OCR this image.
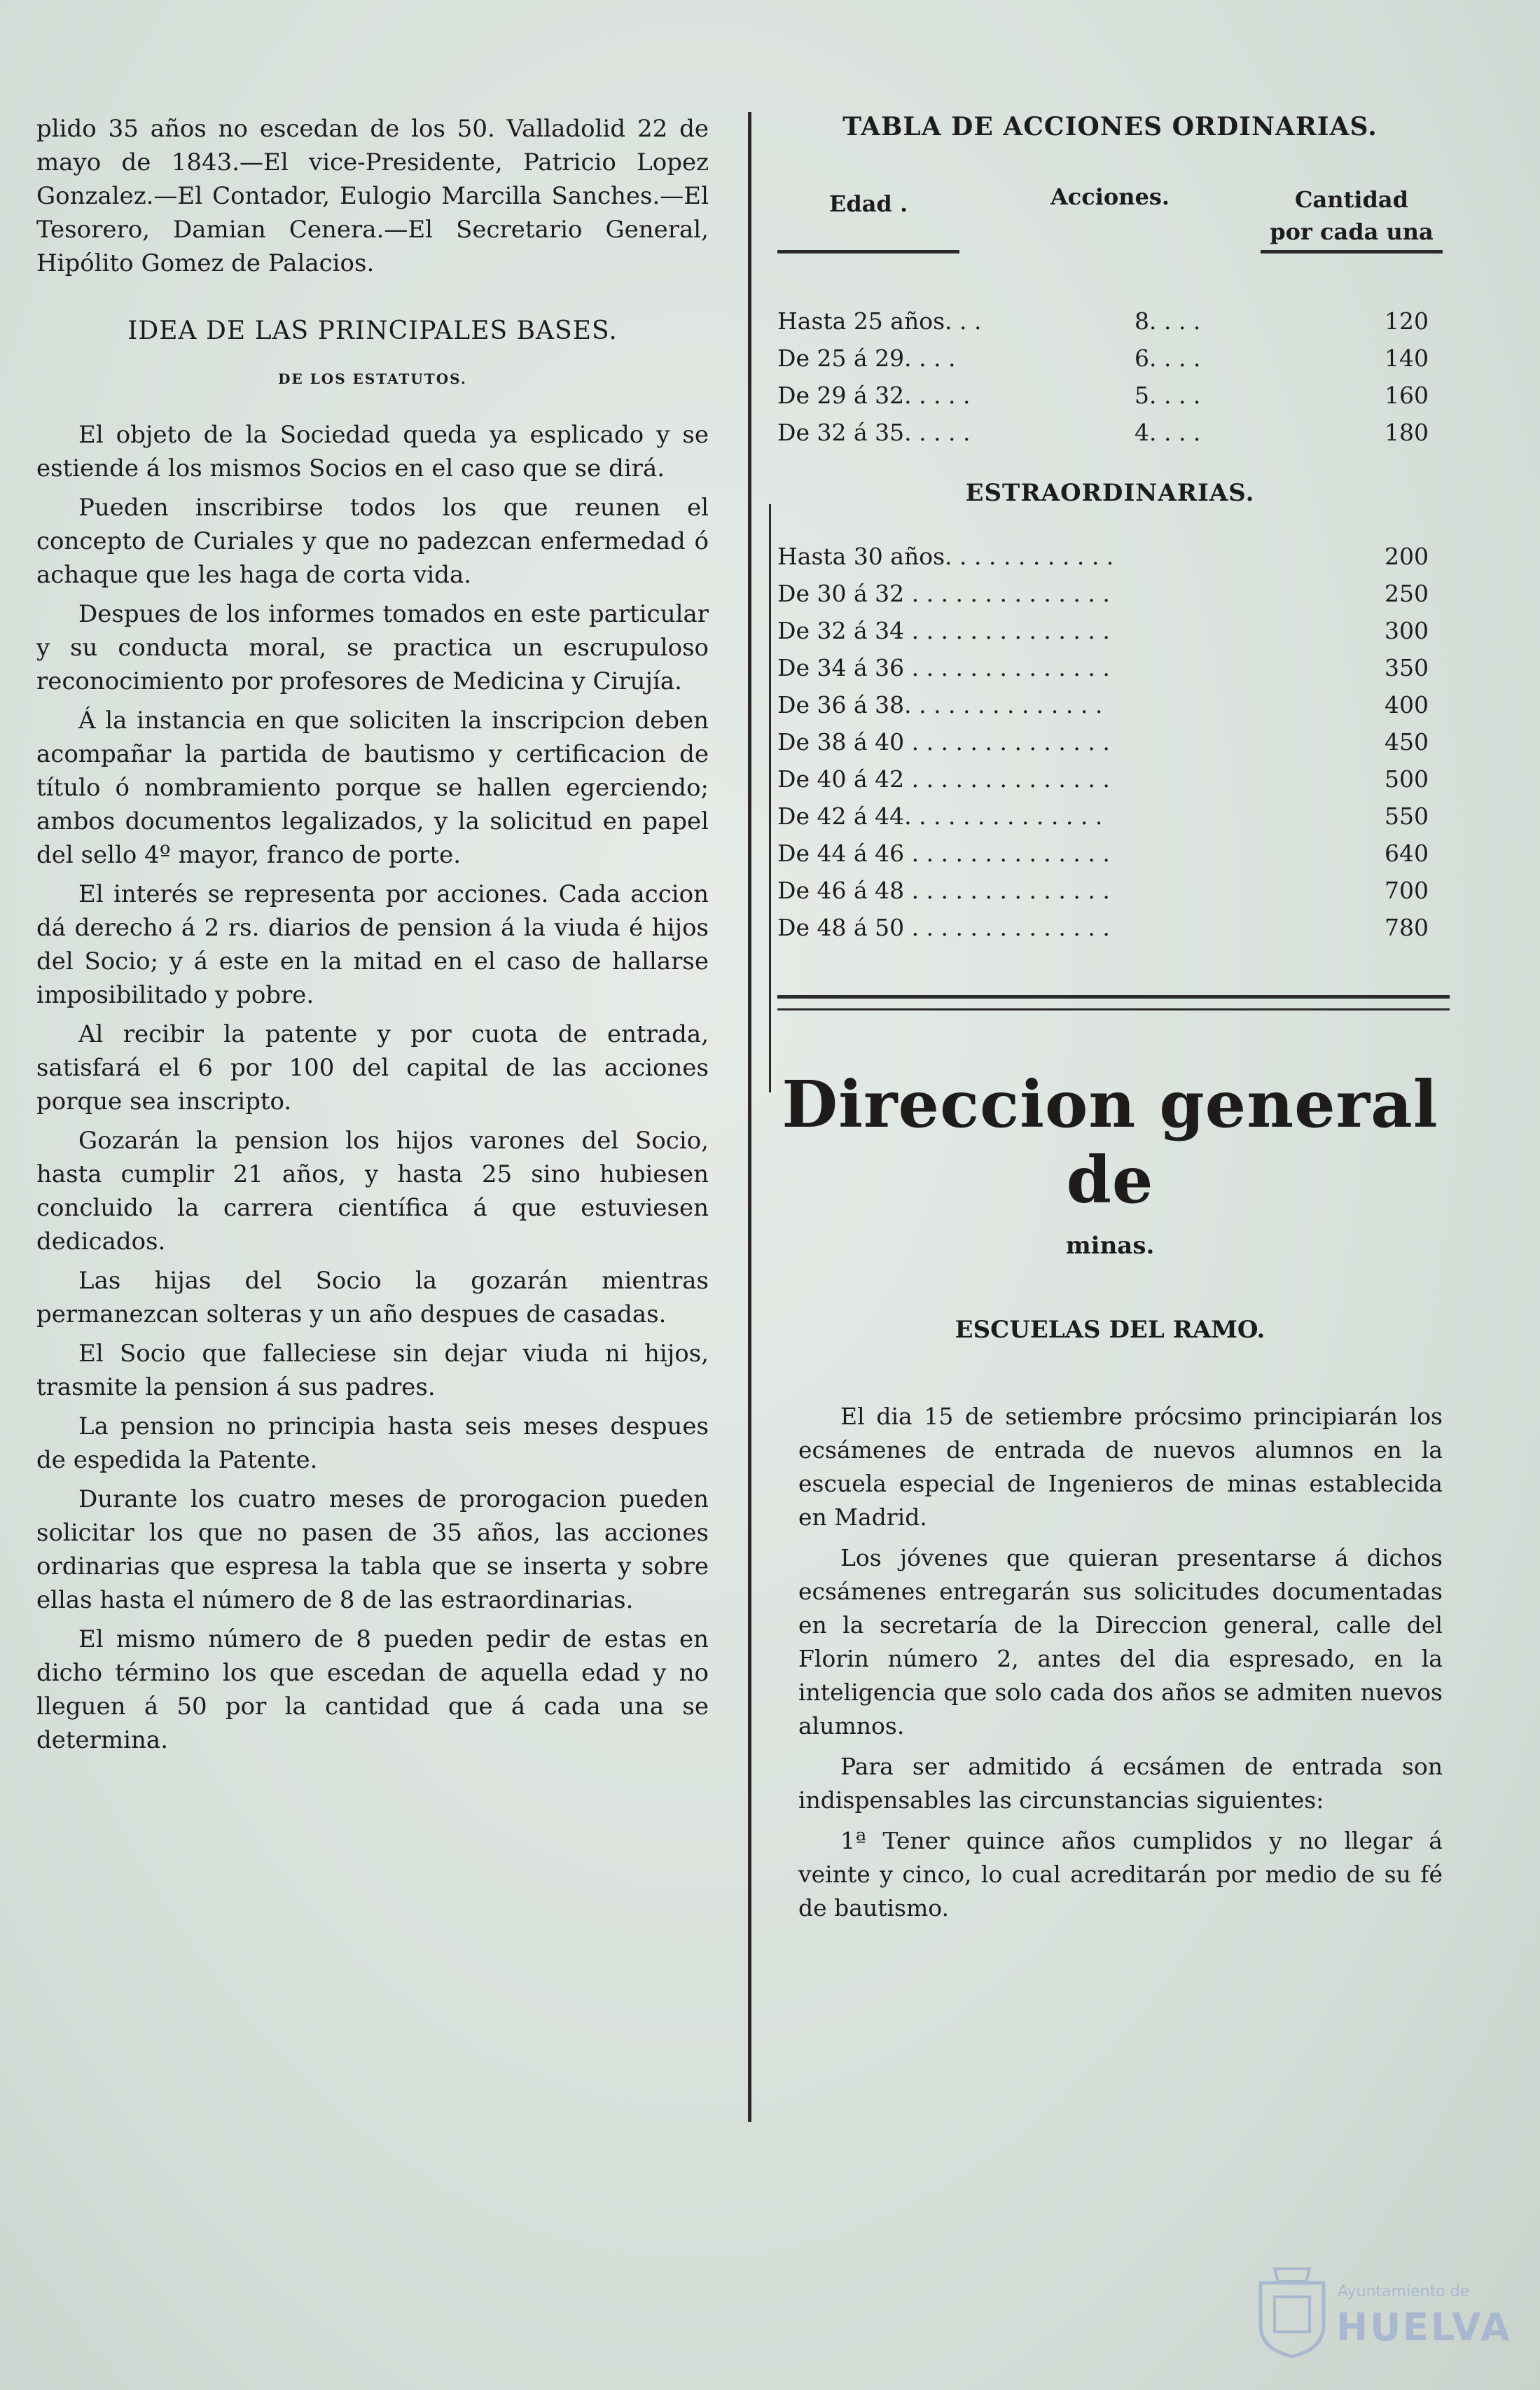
plido 35 años no escedan de los 50. Valladolid 22 de mayo de 1843.—El vice-Presidente, Patricio Lopez Gonzalez.—El Contador, Eulogio Marcilla Sanches.—El Tesorero, Damian Cenera.—El Secretario General, Hipólito Gomez de Palacios.

IDEA DE LAS PRINCIPALES BASES.
DE LOS ESTATUTOS.

El objeto de la Sociedad queda ya esplicado y se estiende á los mismos Socios en el caso que se dirá.

Pueden inscribirse todos los que reunen el concepto de Curiales y que no padezcan enfermedad ó achaque que les haga de corta vida.

Despues de los informes tomados en este particular y su conducta moral, se practica un escrupuloso reconocimiento por profesores de Medicina y Cirujía.

Á la instancia en que soliciten la inscripcion deben acompañar la partida de bautismo y certificacion de título ó nombramiento porque se hallen egerciendo; ambos documentos legalizados, y la solicitud en papel del sello 4º mayor, franco de porte.

El interés se representa por acciones. Cada accion dá derecho á 2 rs. diarios de pension á la viuda é hijos del Socio; y á este en la mitad en el caso de hallarse imposibilitado y pobre.

Al recibir la patente y por cuota de entrada, satisfará el 6 por 100 del capital de las acciones porque sea inscripto.

Gozarán la pension los hijos varones del Socio, hasta cumplir 21 años, y hasta 25 sino hubiesen concluido la carrera científica á que estuviesen dedicados.

Las hijas del Socio la gozarán mientras permanezcan solteras y un año despues de casadas.

El Socio que falleciese sin dejar viuda ni hijos, trasmite la pension á sus padres.

La pension no principia hasta seis meses despues de espedida la Patente.

Durante los cuatro meses de prorogacion pueden solicitar los que no pasen de 35 años, las acciones ordinarias que espresa la tabla que se inserta y sobre ellas hasta el número de 8 de las estraordinarias.

El mismo número de 8 pueden pedir de estas en dicho término los que escedan de aquella edad y no lleguen á 50 por la cantidad que á cada una se determina.

TABLA DE ACCIONES ORDINARIAS.
Edad .	Acciones.	Cantidad
por cada una
Hasta 25 años. . .	8. . . .	120
De 25 á 29. . . .	6. . . .	140
De 29 á 32. . . . .	5. . . .	160
De 32 á 35. . . . .	4. . . .	180
ESTRAORDINARIAS.
Hasta 30 años. . . . . . . . . . . .	200
De 30 á 32 . . . . . . . . . . . . . .	250
De 32 á 34 . . . . . . . . . . . . . .	300
De 34 á 36 . . . . . . . . . . . . . .	350
De 36 á 38. . . . . . . . . . . . . .	400
De 38 á 40 . . . . . . . . . . . . . .	450
De 40 á 42 . . . . . . . . . . . . . .	500
De 42 á 44. . . . . . . . . . . . . .	550
De 44 á 46 . . . . . . . . . . . . . .	640
De 46 á 48 . . . . . . . . . . . . . .	700
De 48 á 50 . . . . . . . . . . . . . .	780
Direccion general de
minas.
ESCUELAS DEL RAMO.

El dia 15 de setiembre prócsimo principiarán los ecsámenes de entrada de nuevos alumnos en la escuela especial de Ingenieros de minas establecida en Madrid.

Los jóvenes que quieran presentarse á dichos ecsámenes entregarán sus solicitudes documentadas en la secretaría de la Direccion general, calle del Florin número 2, antes del dia espresado, en la inteligencia que solo cada dos años se admiten nuevos alumnos.

Para ser admitido á ecsámen de entrada son indispensables las circunstancias siguientes:

1ª Tener quince años cumplidos y no llegar á veinte y cinco, lo cual acreditarán por medio de su fé de bautismo.

Ayuntamiento de
HUELVA
